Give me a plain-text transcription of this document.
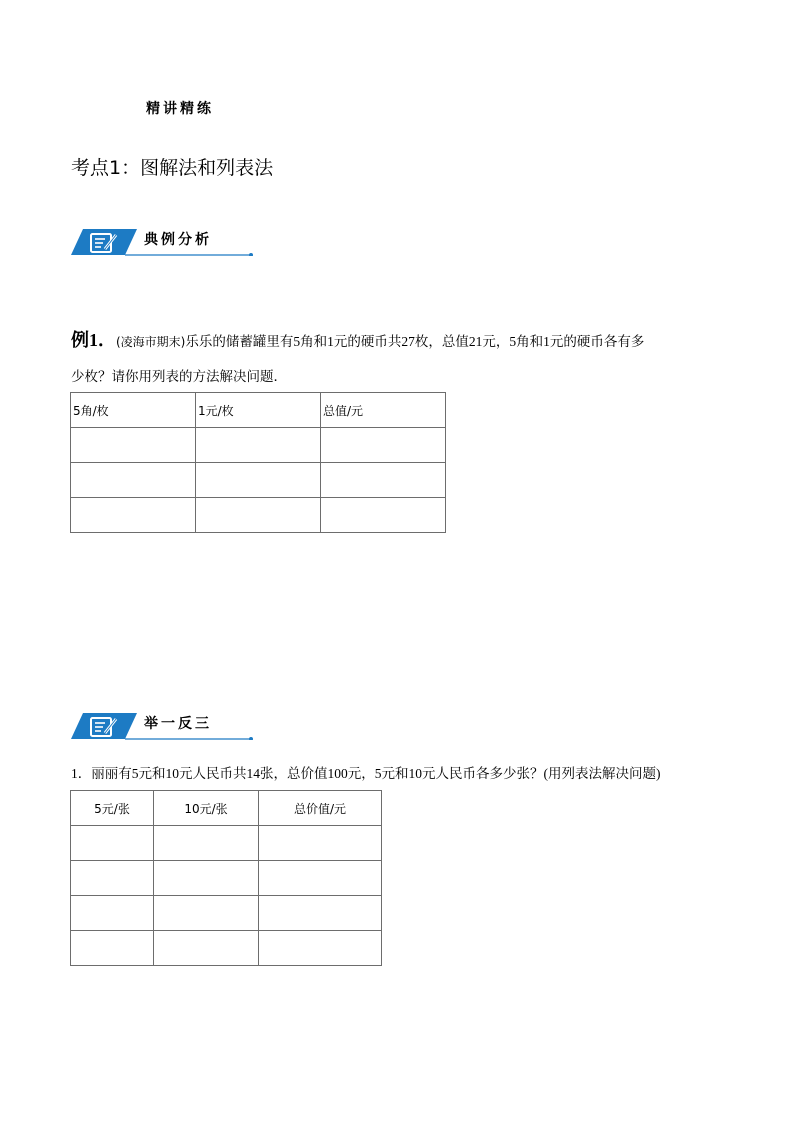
精讲精练
考点1：图解法和列表法
典例分析
例1．(凌海市期末)乐乐的储蓄罐里有5角和1元的硬币共27枚，总值21元，5角和1元的硬币各有多
少枚？请你用列表的方法解决问题．
5角/枚	1元/枚	总值/元

举一反三
1．丽丽有5元和10元人民币共14张，总价值100元，5元和10元人民币各多少张？(用列表法解决问题)
5元/张	10元/张	总价值/元
